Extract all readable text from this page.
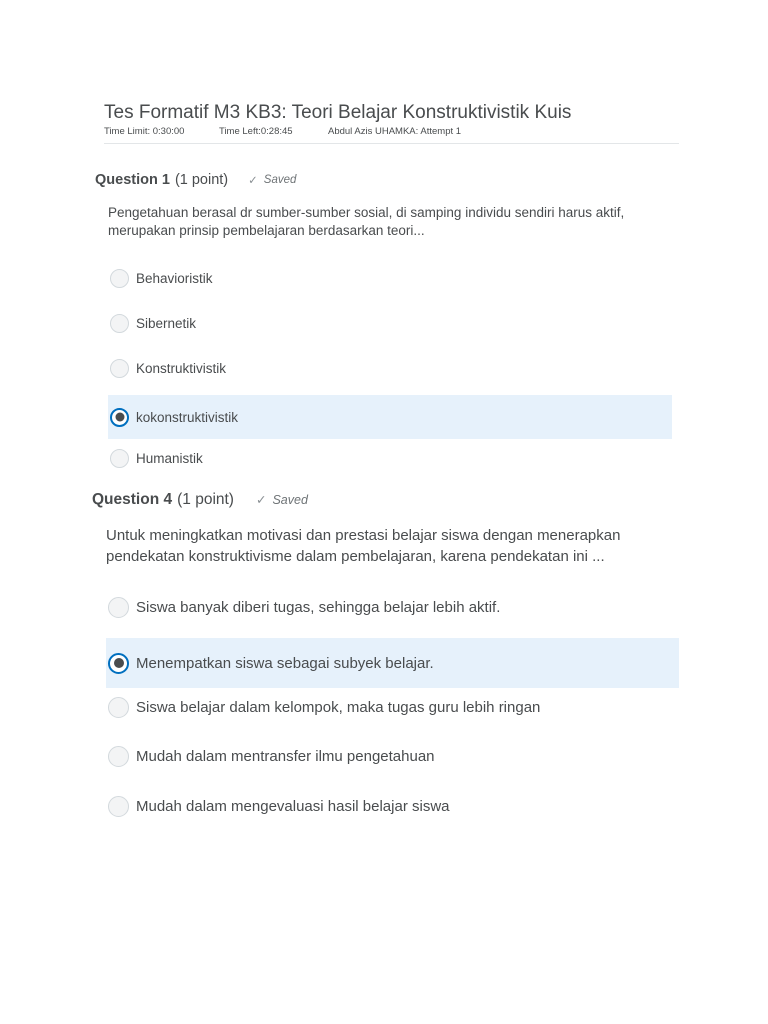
Tes Formatif M3 KB3: Teori Belajar Konstruktivistik Kuis
Time Limit: 0:30:00	Time Left:0:28:45	Abdul Azis UHAMKA: Attempt 1
Question 1 (1 point) ✓ Saved
Pengetahuan berasal dr sumber-sumber sosial, di samping individu sendiri harus aktif, merupakan prinsip pembelajaran berdasarkan teori...
Behavioristik
Sibernetik
Konstruktivistik
kokonstruktivistik
Humanistik
Question 4 (1 point) ✓ Saved
Untuk meningkatkan motivasi dan prestasi belajar siswa dengan menerapkan pendekatan konstruktivisme dalam pembelajaran, karena pendekatan ini ...
Siswa banyak diberi tugas, sehingga belajar lebih aktif.
Menempatkan siswa sebagai subyek belajar.
Siswa belajar dalam kelompok, maka tugas guru lebih ringan
Mudah dalam mentransfer ilmu pengetahuan
Mudah dalam mengevaluasi hasil belajar siswa
